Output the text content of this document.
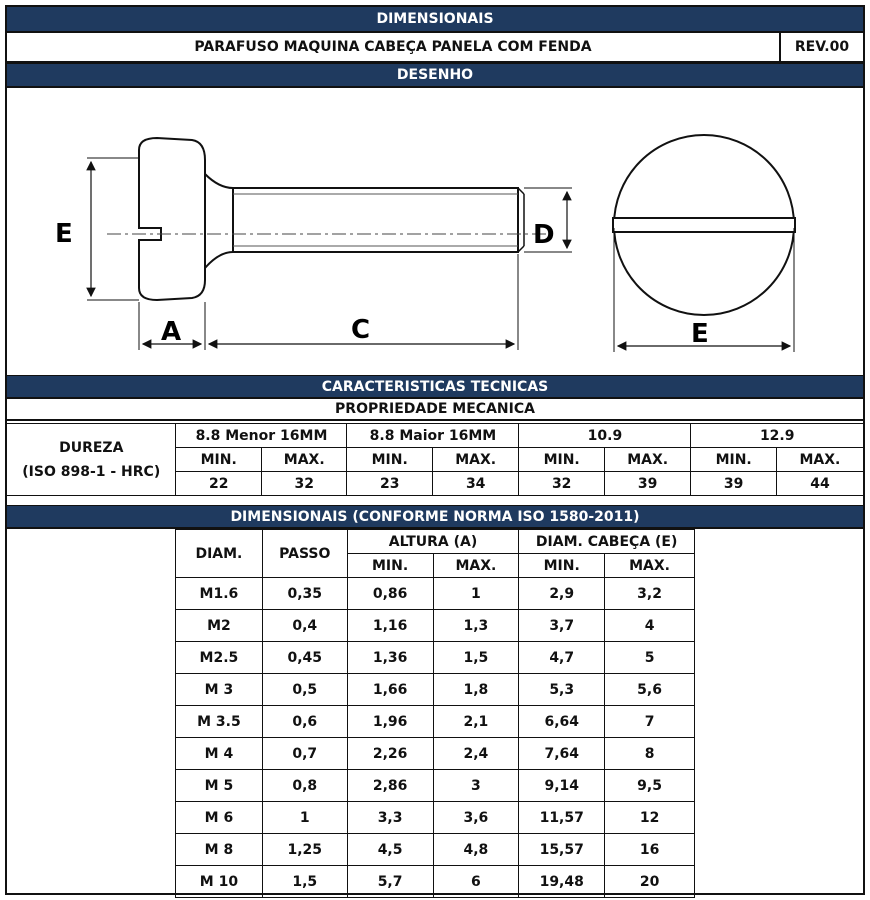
DIMENSIONAIS
PARAFUSO MAQUINA CABEÇA PANELA COM FENDA	REV.00
DESENHO
E
A	C
D
E
CARACTERISTICAS TECNICAS
PROPRIEDADE MECANICA
DUREZA
(ISO 898-1 - HRC)	8.8 Menor 16MM		8.8 Maior 16MM		10.9		12.9	
	MIN.	MAX.	MIN.	MAX.	MIN.	MAX.	MIN.	MAX.
	22	32	23	34	32	39	39	44
DIMENSIONAIS (CONFORME NORMA ISO 1580-2011)
DIAM.	PASSO	ALTURA (A)		DIAM. CABEÇA (E)	
		MIN.	MAX.	MIN.	MAX.
M1.6	0,35	0,86	1	2,9	3,2
M2	0,4	1,16	1,3	3,7	4
M2.5	0,45	1,36	1,5	4,7	5
M 3	0,5	1,66	1,8	5,3	5,6
M 3.5	0,6	1,96	2,1	6,64	7
M 4	0,7	2,26	2,4	7,64	8
M 5	0,8	2,86	3	9,14	9,5
M 6	1	3,3	3,6	11,57	12
M 8	1,25	4,5	4,8	15,57	16
M 10	1,5	5,7	6	19,48	20
